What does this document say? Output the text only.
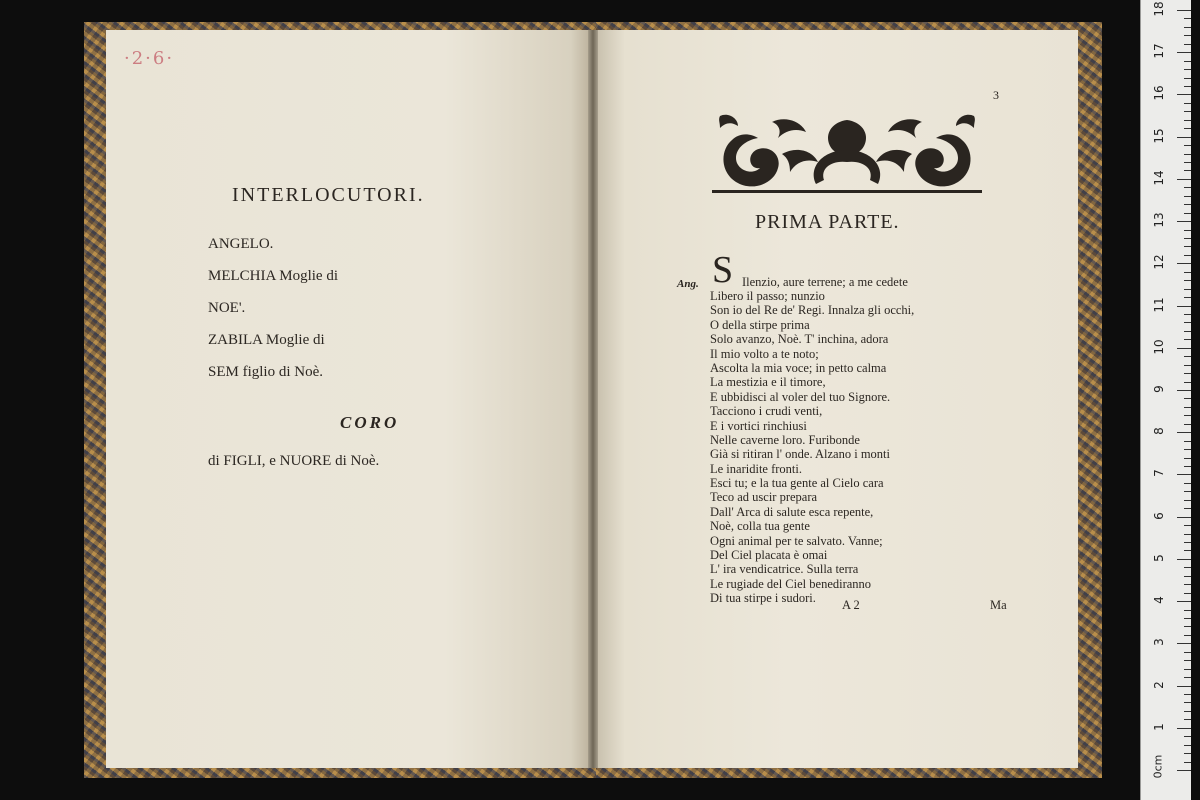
·2·6·
INTERLOCUTORI.
ANGELO.
MELCHIA Moglie di
NOE'.
ZABILA Moglie di
SEM figlio di Noè.
CORO
di FIGLI, e NUORE di Noè.
3
PRIMA PARTE.
Ang. S Ilenzio, aure terrene; a me cedete
Libero il passo; nunzio
Son io del Re de' Regi. Innalza gli occhi,
O della stirpe prima
Solo avanzo, Noè. T' inchina, adora
Il mio volto a te noto;
Ascolta la mia voce; in petto calma
La mestizia e il timore,
E ubbidisci al voler del tuo Signore.
Tacciono i crudi venti,
E i vortici rinchiusi
Nelle caverne loro. Furibonde
Già si ritiran l' onde. Alzano i monti
Le inaridite fronti.
Esci tu; e la tua gente al Cielo cara
Teco ad uscir prepara
Dall' Arca di salute esca repente,
Noè, colla tua gente
Ogni animal per te salvato. Vanne;
Del Ciel placata è omai
L' ira vendicatrice. Sulla terra
Le rugiade del Ciel benediranno
Di tua stirpe i sudori.	A 2	Ma
18
17
16
15
14
13
12
11
10
9
8
7
6
5
4
3
2
1
0cm
